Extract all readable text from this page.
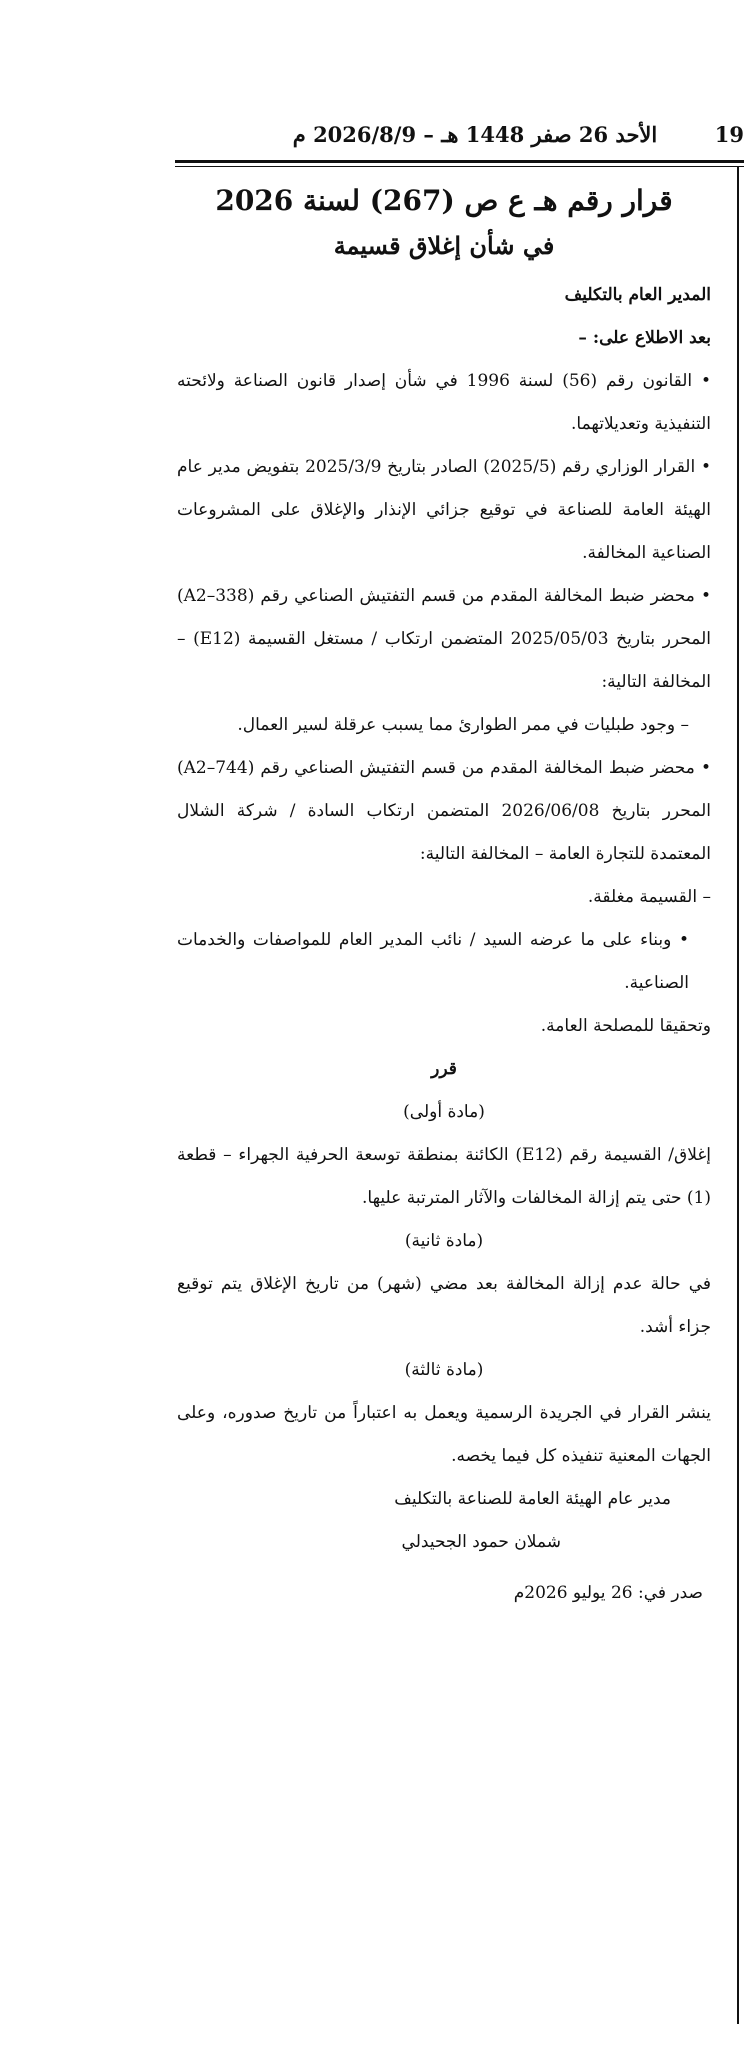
الأحد 26 صفر 1448 هـ – 2026/8/9 م	19

قرار رقم هـ ع ص (267) لسنة 2026

في شأن إغلاق قسيمة

المدير العام بالتكليف

بعد الاطلاع على: –

• القانون رقم (56) لسنة 1996 في شأن إصدار قانون الصناعة ولائحته التنفيذية وتعديلاتهما.

• القرار الوزاري رقم (2025/5) الصادر بتاريخ 2025/3/9 بتفويض مدير عام الهيئة العامة للصناعة في توقيع جزائي الإنذار والإغلاق على المشروعات الصناعية المخالفة.

• محضر ضبط المخالفة المقدم من قسم التفتيش الصناعي رقم (A2–338) المحرر بتاريخ 2025/05/03 المتضمن ارتكاب / مستغل القسيمة (E12) – المخالفة التالية:

– وجود طبليات في ممر الطوارئ مما يسبب عرقلة لسير العمال.

• محضر ضبط المخالفة المقدم من قسم التفتيش الصناعي رقم (A2–744) المحرر بتاريخ 2026/06/08 المتضمن ارتكاب السادة / شركة الشلال المعتمدة للتجارة العامة – المخالفة التالية:

– القسيمة مغلقة.

• وبناء على ما عرضه السيد / نائب المدير العام للمواصفات والخدمات الصناعية.

وتحقيقا للمصلحة العامة.

قرر

(مادة أولى)

إغلاق/ القسيمة رقم (E12) الكائنة بمنطقة توسعة الحرفية الجهراء – قطعة (1) حتى يتم إزالة المخالفات والآثار المترتبة عليها.

(مادة ثانية)

في حالة عدم إزالة المخالفة بعد مضي (شهر) من تاريخ الإغلاق يتم توقيع جزاء أشد.

(مادة ثالثة)

ينشر القرار في الجريدة الرسمية ويعمل به اعتباراً من تاريخ صدوره، وعلى الجهات المعنية تنفيذه كل فيما يخصه.

مدير عام الهيئة العامة للصناعة بالتكليف

شملان حمود الجحيدلي

صدر في: 26 يوليو 2026م
